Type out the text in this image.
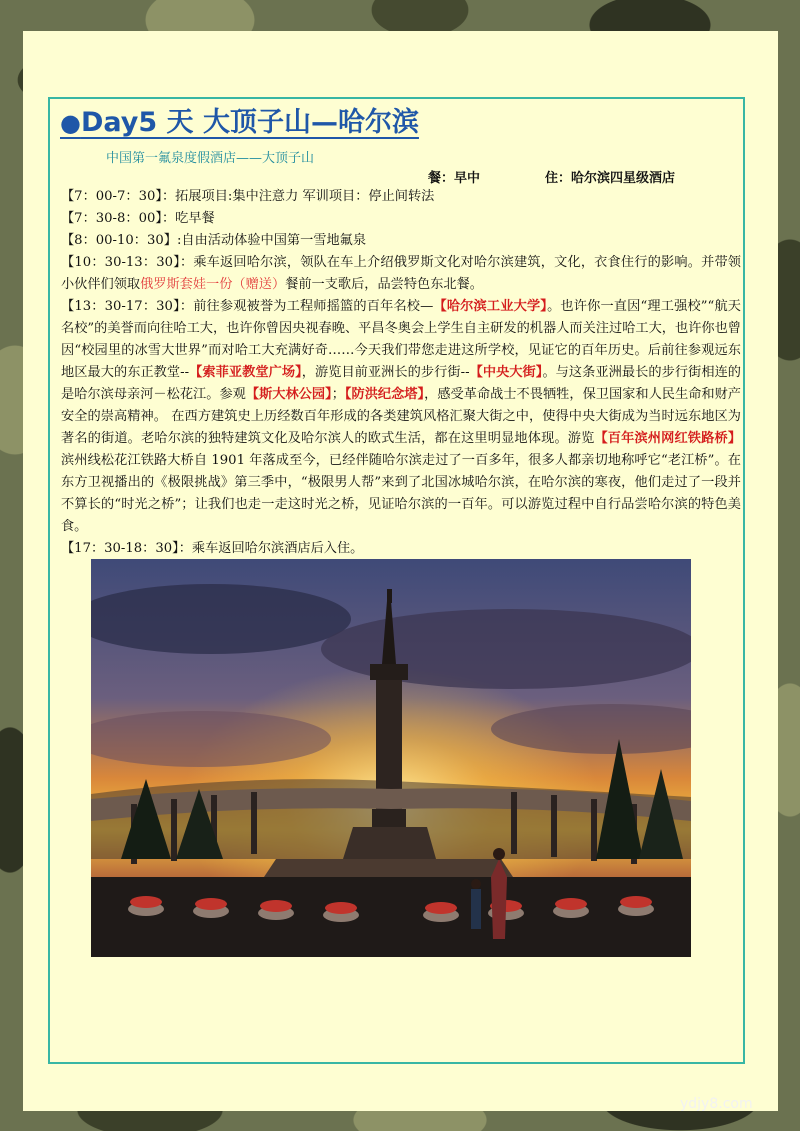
●Day5 天 大顶子山—哈尔滨
中国第一氟泉度假酒店——大顶子山
餐：早中	住：哈尔滨四星级酒店

【7：00-7：30】：拓展项目:集中注意力 军训项目：停止间转法

【7：30-8：00】：吃早餐

【8：00-10：30】:自由活动体验中国第一雪地氟泉

【10：30-13：30】：乘车返回哈尔滨，领队在车上介绍俄罗斯文化对哈尔滨建筑，文化，衣食住行的影响。并带领小伙伴们领取俄罗斯套娃一份（赠送）餐前一支歌后，品尝特色东北餐。

【13：30-17：30】：前往参观被誉为工程师摇篮的百年名校—【哈尔滨工业大学】。也许你一直因“理工强校”“航天名校”的美誉而向往哈工大，也许你曾因央视春晚、平昌冬奥会上学生自主研发的机器人而关注过哈工大，也许你也曾因“校园里的冰雪大世界”而对哈工大充满好奇……今天我们带您走进这所学校，见证它的百年历史。后前往参观远东地区最大的东正教堂--【索菲亚教堂广场】，游览目前亚洲长的步行街--【中央大街】。与这条亚洲最长的步行街相连的是哈尔滨母亲河－松花江。参观【斯大林公园】；【防洪纪念塔】，感受革命战士不畏牺牲，保卫国家和人民生命和财产安全的崇高精神。 在西方建筑史上历经数百年形成的各类建筑风格汇聚大街之中，使得中央大街成为当时远东地区为著名的街道。老哈尔滨的独特建筑文化及哈尔滨人的欧式生活，都在这里明显地体现。游览【百年滨州网红铁路桥】滨州线松花江铁路大桥自 1901 年落成至今，已经伴随哈尔滨走过了一百多年，很多人都亲切地称呼它“老江桥”。在东方卫视播出的《极限挑战》第三季中，“极限男人帮”来到了北国冰城哈尔滨，在哈尔滨的寒夜，他们走过了一段并不算长的“时光之桥”；让我们也走一走这时光之桥，见证哈尔滨的一百年。可以游览过程中自行品尝哈尔滨的特色美食。

【17：30-18：30】：乘车返回哈尔滨酒店后入住。

ydjy8.com
